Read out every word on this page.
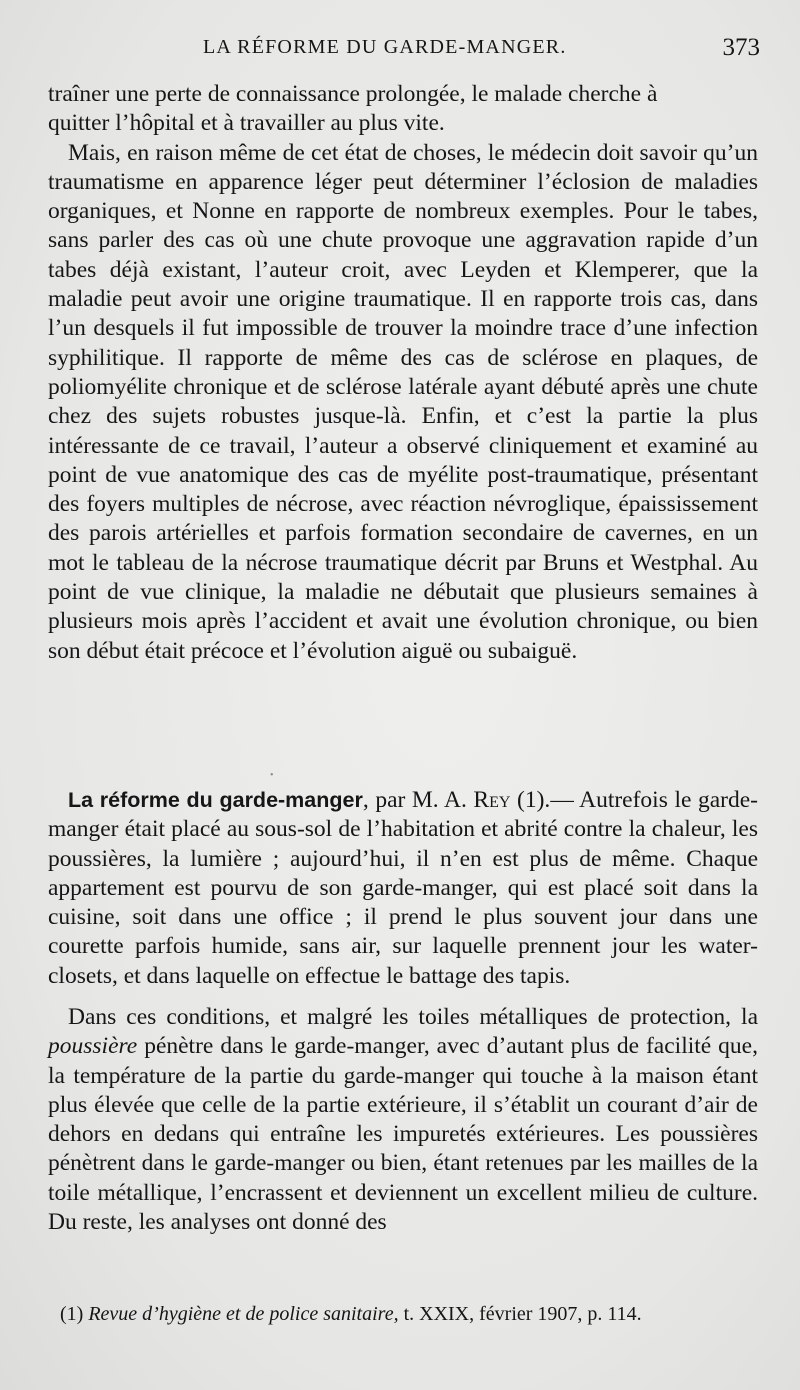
LA RÉFORME DU GARDE-MANGER.	373

traîner une perte de connaissance prolongée, le malade cherche à

quitter l’hôpital et à travailler au plus vite.

Mais, en raison même de cet état de choses, le médecin doit savoir qu’un traumatisme en apparence léger peut déterminer l’éclosion de maladies organiques, et Nonne en rapporte de nombreux exemples. Pour le tabes, sans parler des cas où une chute provoque une aggravation rapide d’un tabes déjà existant, l’auteur croit, avec Leyden et Klemperer, que la maladie peut avoir une origine traumatique. Il en rapporte trois cas, dans l’un desquels il fut impossible de trouver la moindre trace d’une infection syphilitique. Il rapporte de même des cas de sclérose en plaques, de poliomyélite chronique et de sclérose latérale ayant débuté après une chute chez des sujets robustes jusque-là. Enfin, et c’est la partie la plus intéressante de ce travail, l’auteur a observé cliniquement et examiné au point de vue anatomique des cas de myélite post-traumatique, présentant des foyers multiples de nécrose, avec réaction névroglique, épaississement des parois artérielles et parfois formation secondaire de cavernes, en un mot le tableau de la nécrose traumatique décrit par Bruns et Westphal. Au point de vue clinique, la maladie ne débutait que plusieurs semaines à plusieurs mois après l’accident et avait une évolution chronique, ou bien son début était précoce et l’évolution aiguë ou subaiguë.

La réforme du garde-manger, par M. A. Rey (1).— Autrefois le garde-manger était placé au sous-sol de l’habitation et abrité contre la chaleur, les poussières, la lumière ; aujourd’hui, il n’en est plus de même. Chaque appartement est pourvu de son garde-manger, qui est placé soit dans la cuisine, soit dans une office ; il prend le plus souvent jour dans une courette parfois humide, sans air, sur laquelle prennent jour les water-closets, et dans laquelle on effectue le battage des tapis.

Dans ces conditions, et malgré les toiles métalliques de protection, la poussière pénètre dans le garde-manger, avec d’autant plus de facilité que, la température de la partie du garde-manger qui touche à la maison étant plus élevée que celle de la partie extérieure, il s’établit un courant d’air de dehors en dedans qui entraîne les impuretés extérieures. Les poussières pénètrent dans le garde-manger ou bien, étant retenues par les mailles de la toile métallique, l’encrassent et deviennent un excellent milieu de culture. Du reste, les analyses ont donné des

(1) Revue d’hygiène et de police sanitaire, t. XXIX, février 1907, p. 114.

•
